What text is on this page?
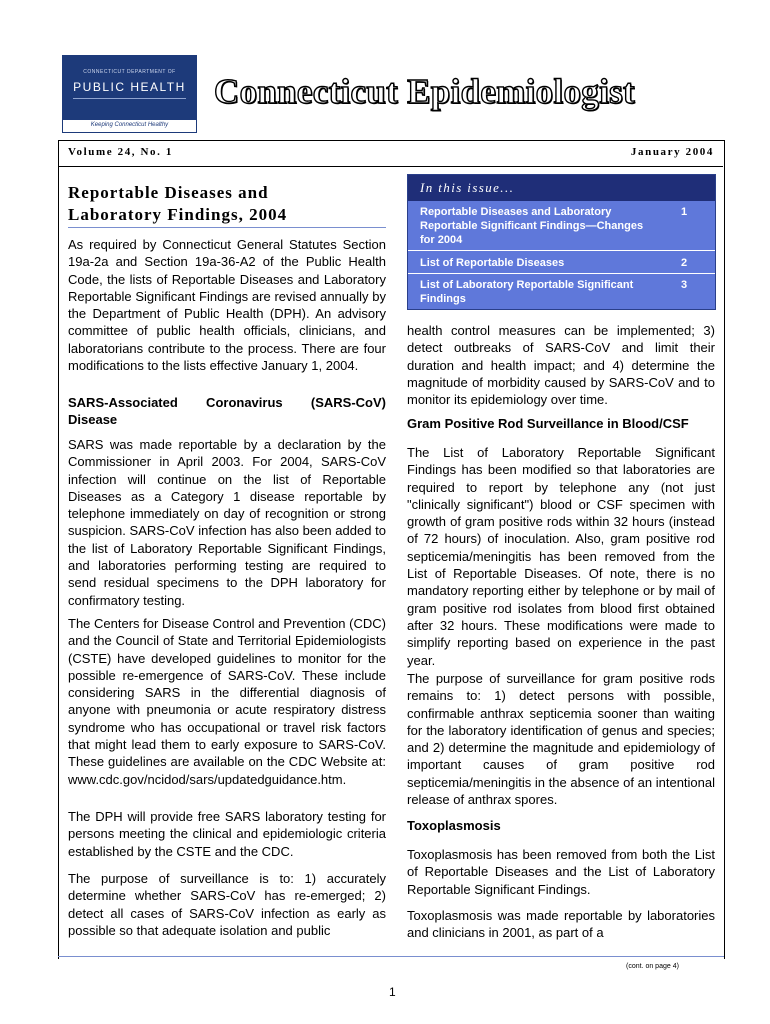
CONNECTICUT DEPARTMENT OF
PUBLIC HEALTH
Keeping Connecticut Healthy
Connecticut Epidemiologist
Volume 24, No. 1	January 2004
Reportable Diseases and
Laboratory Findings, 2004

As required by Connecticut General Statutes Section 19a-2a and Section 19a-36-A2 of the Public Health Code, the lists of Reportable Diseases and Laboratory Reportable Significant Findings are revised annually by the Department of Public Health (DPH). An advisory committee of public health officials, clinicians, and laboratorians contribute to the process. There are four modifications to the lists effective January 1, 2004.

SARS-Associated Coronavirus (SARS-CoV) Disease
SARS was made reportable by a declaration by the Commissioner in April 2003. For 2004, SARS-CoV infection will continue on the list of Reportable Diseases as a Category 1 disease reportable by telephone immediately on day of recognition or strong suspicion. SARS-CoV infection has also been added to the list of Laboratory Reportable Significant Findings, and laboratories performing testing are required to send residual specimens to the DPH laboratory for confirmatory testing.
The Centers for Disease Control and Prevention (CDC) and the Council of State and Territorial Epidemiologists (CSTE) have developed guidelines to monitor for the possible re-emergence of SARS-CoV. These include considering SARS in the differential diagnosis of anyone with pneumonia or acute respiratory distress syndrome who has occupational or travel risk factors that might lead them to early exposure to SARS-CoV. These guidelines are available on the CDC Website at: www.cdc.gov/ncidod/sars/updatedguidance.htm.
The DPH will provide free SARS laboratory testing for persons meeting the clinical and epidemiologic criteria established by the CSTE and the CDC.
The purpose of surveillance is to: 1) accurately determine whether SARS-CoV has re-emerged; 2) detect all cases of SARS-CoV infection as early as possible so that adequate isolation and public
In this issue...
Reportable Diseases and Laboratory Reportable Significant Findings—Changes for 2004
1
List of Reportable Diseases	2
List of Laboratory Reportable Significant Findings
3
health control measures can be implemented; 3) detect outbreaks of SARS-CoV and limit their duration and health impact; and 4) determine the magnitude of morbidity caused by SARS-CoV and to monitor its epidemiology over time.
Gram Positive Rod Surveillance in Blood/CSF
The List of Laboratory Reportable Significant Findings has been modified so that laboratories are required to report by telephone any (not just "clinically significant") blood or CSF specimen with growth of gram positive rods within 32 hours (instead of 72 hours) of inoculation. Also, gram positive rod septicemia/meningitis has been removed from the List of Reportable Diseases. Of note, there is no mandatory reporting either by telephone or by mail of gram positive rod isolates from blood first obtained after 32 hours. These modifications were made to simplify reporting based on experience in the past year.
The purpose of surveillance for gram positive rods remains to: 1) detect persons with possible, confirmable anthrax septicemia sooner than waiting for the laboratory identification of genus and species; and 2) determine the magnitude and epidemiology of important causes of gram positive rod septicemia/meningitis in the absence of an intentional release of anthrax spores.
Toxoplasmosis
Toxoplasmosis has been removed from both the List of Reportable Diseases and the List of Laboratory Reportable Significant Findings.
Toxoplasmosis was made reportable by laboratories and clinicians in 2001, as part of a
(cont. on page 4)
1
